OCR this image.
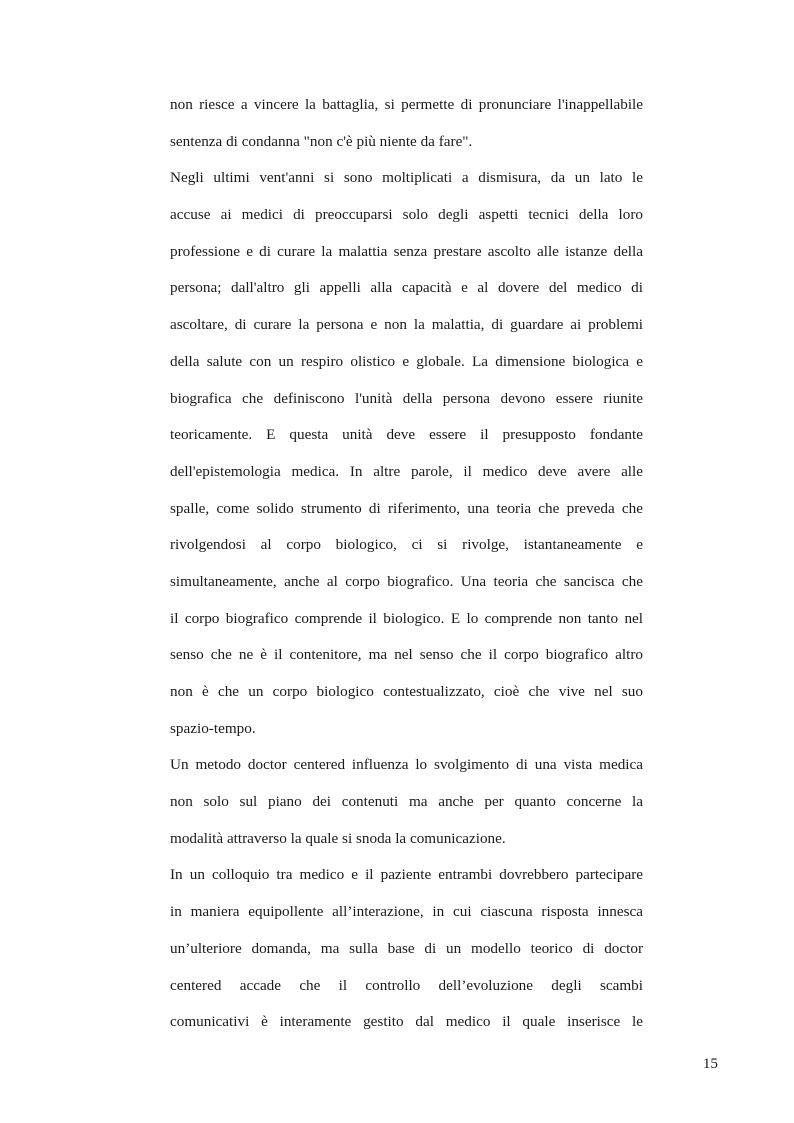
non riesce a vincere la battaglia, si permette di pronunciare l'inappellabile
sentenza di condanna "non c'è più niente da fare".
Negli ultimi vent'anni si sono moltiplicati a dismisura, da un lato le
accuse ai medici di preoccuparsi solo degli aspetti tecnici della loro
professione e di curare la malattia senza prestare ascolto alle istanze della
persona; dall'altro gli appelli alla capacità e al dovere del medico di
ascoltare, di curare la persona e non la malattia, di guardare ai problemi
della salute con un respiro olistico e globale. La dimensione biologica e
biografica che definiscono l'unità della persona devono essere riunite
teoricamente. E questa unità deve essere il presupposto fondante
dell'epistemologia medica. In altre parole, il medico deve avere alle
spalle, come solido strumento di riferimento, una teoria che preveda che
rivolgendosi al corpo biologico, ci si rivolge, istantaneamente e
simultaneamente, anche al corpo biografico. Una teoria che sancisca che
il corpo biografico comprende il biologico. E lo comprende non tanto nel
senso che ne è il contenitore, ma nel senso che il corpo biografico altro
non è che un corpo biologico contestualizzato, cioè che vive nel suo
spazio-tempo.
Un metodo doctor centered influenza lo svolgimento di una vista medica
non solo sul piano dei contenuti ma anche per quanto concerne la
modalità attraverso la quale si snoda la comunicazione.
In un colloquio tra medico e il paziente entrambi dovrebbero partecipare
in maniera equipollente all’interazione, in cui ciascuna risposta innesca
un’ulteriore domanda, ma sulla base di un modello teorico di doctor
centered accade che il controllo dell’evoluzione degli scambi
comunicativi è interamente gestito dal medico il quale inserisce le
15
